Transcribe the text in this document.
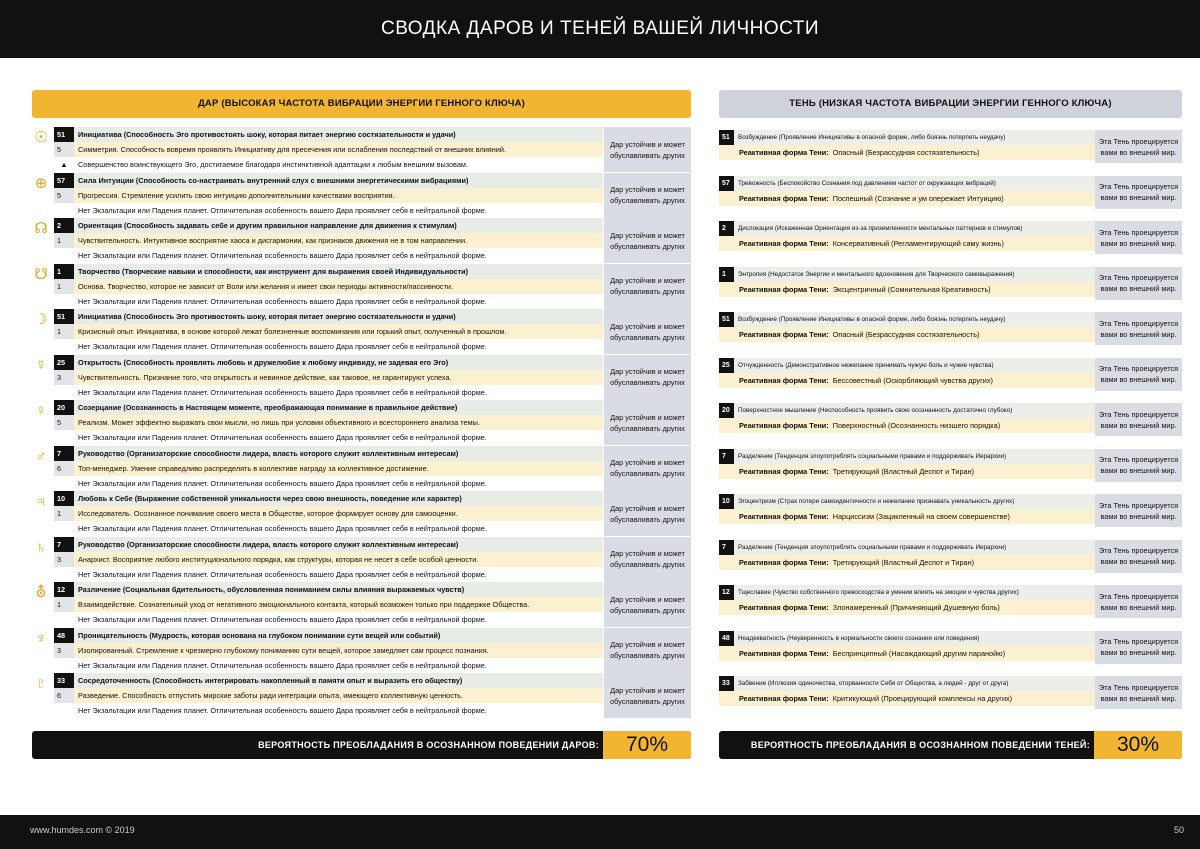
СВОДКА ДАРОВ И ТЕНЕЙ ВАШЕЙ ЛИЧНОСТИ
ДАР (ВЫСОКАЯ ЧАСТОТА ВИБРАЦИИ ЭНЕРГИИ ГЕННОГО КЛЮЧА)
☉	51	Инициатива (Способность Эго противостоять шоку, которая питает энергию состязательности и удачи)
5	Симметрия. Способность вовремя проявлять Инициативу для пресечения или ослабления последствий от внешних влияний.
▲	Совершенство воинствующего Эго, достигаемое благодаря инстинктивной адаптации к любым внешним вызовам.
Дар устойчив и может обуславливать других
⊕	57	Сила Интуиции (Способность со-настраивать внутренний слух с внешними энергетическими вибрациями)
5	Прогрессия. Стремление усилить свою интуицию дополнительными качествами восприятия.
Нет Экзальтации или Падения планет. Отличительная особенность вашего Дара проявляет себя в нейтральной форме.
Дар устойчив и может обуславливать других
☊	2	Ориентация (Способность задавать себе и другим правильное направление для движения к стимулам)
1	Чувствительность. Интуитивное восприятие хаоса и дисгармонии, как признаков движения не в том направлении.
Нет Экзальтации или Падения планет. Отличительная особенность вашего Дара проявляет себя в нейтральной форме.
Дар устойчив и может обуславливать других
☋	1	Творчество (Творческие навыки и способности, как инструмент для выражения своей Индивидуальности)
1	Основа. Творчество, которое не зависит от Воли или желания и имеет свои периоды активности/пассивности.
Нет Экзальтации или Падения планет. Отличительная особенность вашего Дара проявляет себя в нейтральной форме.
Дар устойчив и может обуславливать других
☽	51	Инициатива (Способность Эго противостоять шоку, которая питает энергию состязательности и удачи)
1	Кризисный опыт. Инициатива, в основе которой лежат болезненные воспоминания или горький опыт, полученный в прошлом.
Нет Экзальтации или Падения планет. Отличительная особенность вашего Дара проявляет себя в нейтральной форме.
Дар устойчив и может обуславливать других
☿	25	Открытость (Способность проявлять любовь и дружелюбие к любому индивиду, не задевая его Эго)
3	Чувствительность. Признание того, что открытость и невинное действие, как таковое, не гарантируют успеха.
Нет Экзальтации или Падения планет. Отличительная особенность вашего Дара проявляет себя в нейтральной форме.
Дар устойчив и может обуславливать других
♀	20	Созерцание (Осознанность в Настоящем моменте, преображающая понимание в правильное действие)
5	Реализм. Может эффектно выражать свои мысли, но лишь при условии объективного и всестороннего анализа темы.
Нет Экзальтации или Падения планет. Отличительная особенность вашего Дара проявляет себя в нейтральной форме.
Дар устойчив и может обуславливать других
♂	7	Руководство (Организаторские способности лидера, власть которого служит коллективным интересам)
6	Топ-менеджер. Умение справедливо распределять в коллективе награду за коллективное достижение.
Нет Экзальтации или Падения планет. Отличительная особенность вашего Дара проявляет себя в нейтральной форме.
Дар устойчив и может обуславливать других
♃	10	Любовь к Себе (Выражение собственной уникальности через свою внешность, поведение или характер)
1	Исследователь. Осознанное понимание своего места в Обществе, которое формирует основу для самооценки.
Нет Экзальтации или Падения планет. Отличительная особенность вашего Дара проявляет себя в нейтральной форме.
Дар устойчив и может обуславливать других
♄	7	Руководство (Организаторские способности лидера, власть которого служит коллективным интересам)
3	Анархист. Восприятие любого институционального порядка, как структуры, которая не несет в себе особой ценности.
Нет Экзальтации или Падения планет. Отличительная особенность вашего Дара проявляет себя в нейтральной форме.
Дар устойчив и может обуславливать других
⛢	12	Различение (Социальная бдительность, обусловленная пониманием силы влияния выражаемых чувств)
1	Взаимодействие. Сознательный уход от негативного эмоционального контакта, который возможен только при поддержке Общества.
Нет Экзальтации или Падения планет. Отличительная особенность вашего Дара проявляет себя в нейтральной форме.
Дар устойчив и может обуславливать других
♆	48	Проницательность (Мудрость, которая основана на глубоком понимании сути вещей или событий)
3	Изолированный. Стремление к чрезмерно глубокому пониманию сути вещей, которое замедляет сам процесс познания.
Нет Экзальтации или Падения планет. Отличительная особенность вашего Дара проявляет себя в нейтральной форме.
Дар устойчив и может обуславливать других
♇	33	Сосредоточенность (Способность интегрировать накопленный в памяти опыт и выразить его обществу)
6	Разведение. Способность отпустить мирские заботы ради интеграции опыта, имеющего коллективную ценность.
Нет Экзальтации или Падения планет. Отличительная особенность вашего Дара проявляет себя в нейтральной форме.
Дар устойчив и может обуславливать других
ТЕНЬ (НИЗКАЯ ЧАСТОТА ВИБРАЦИИ ЭНЕРГИИ ГЕННОГО КЛЮЧА)
51	Возбуждение (Проявление Инициативы в опасной форме, либо боязнь потерпеть неудачу)
Реактивная форма Тени: Опасный (Безрассудная состязательность)
Эта Тень проецируется вами во внешний мир.
57	Тревожность (Беспокойство Сознания под давлением частот от окружающих вибраций)
Реактивная форма Тени: Поспешный (Сознание и ум опережает Интуицию)
Эта Тень проецируется вами во внешний мир.
2	Дислокация (Искаженная Ориентация из-за приземленности ментальных паттернов и стимулов)
Реактивная форма Тени: Консервативный (Регламентирующий саму жизнь)
Эта Тень проецируется вами во внешний мир.
1	Энтропия (Недостаток Энергии и ментального вдохновения для Творческого самовыражения)
Реактивная форма Тени: Эксцентричный (Сомнительная Креативность)
Эта Тень проецируется вами во внешний мир.
51	Возбуждение (Проявление Инициативы в опасной форме, либо боязнь потерпеть неудачу)
Реактивная форма Тени: Опасный (Безрассудная состязательность)
Эта Тень проецируется вами во внешний мир.
25	Отчужденность (Демонстративное нежелание принимать чужую боль и чужие чувства)
Реактивная форма Тени: Бессовестный (Оскорбляющий чувства других)
Эта Тень проецируется вами во внешний мир.
20	Поверхностное мышление (Неспособность проявить свою осознанность достаточно глубоко)
Реактивная форма Тени: Поверхностный (Осознанность низшего порядка)
Эта Тень проецируется вами во внешний мир.
7	Разделение (Тенденция злоупотреблять социальными правами и поддерживать Иерархии)
Реактивная форма Тени: Третирующий (Властный Деспот и Тиран)
Эта Тень проецируется вами во внешний мир.
10	Эгоцентризм (Страх потери самоидентичности и нежелание признавать уникальность других)
Реактивная форма Тени: Нарциссизм (Зацикленный на своем совершенстве)
Эта Тень проецируется вами во внешний мир.
7	Разделение (Тенденция злоупотреблять социальными правами и поддерживать Иерархии)
Реактивная форма Тени: Третирующий (Властный Деспот и Тиран)
Эта Тень проецируется вами во внешний мир.
12	Тщеславие (Чувство собственного превосходства в умении влиять на эмоции и чувства других)
Реактивная форма Тени: Злонамеренный (Причиняющий Душевную боль)
Эта Тень проецируется вами во внешний мир.
48	Неадекватность (Неуверенность в нормальности своего сознания или поведения)
Реактивная форма Тени: Беспринципный (Насаждающий другим паранойю)
Эта Тень проецируется вами во внешний мир.
33	Забвение (Иллюзия одиночества, оторванности Себя от Общества, а людей - друг от друга)
Реактивная форма Тени: Критикующий (Проецирующий комплексы на других)
Эта Тень проецируется вами во внешний мир.
ВЕРОЯТНОСТЬ ПРЕОБЛАДАНИЯ В ОСОЗНАННОМ ПОВЕДЕНИИ ДАРОВ:	70%	ВЕРОЯТНОСТЬ ПРЕОБЛАДАНИЯ В ОСОЗНАННОМ ПОВЕДЕНИИ ТЕНЕЙ:	30%
www.humdes.com © 2019	50
